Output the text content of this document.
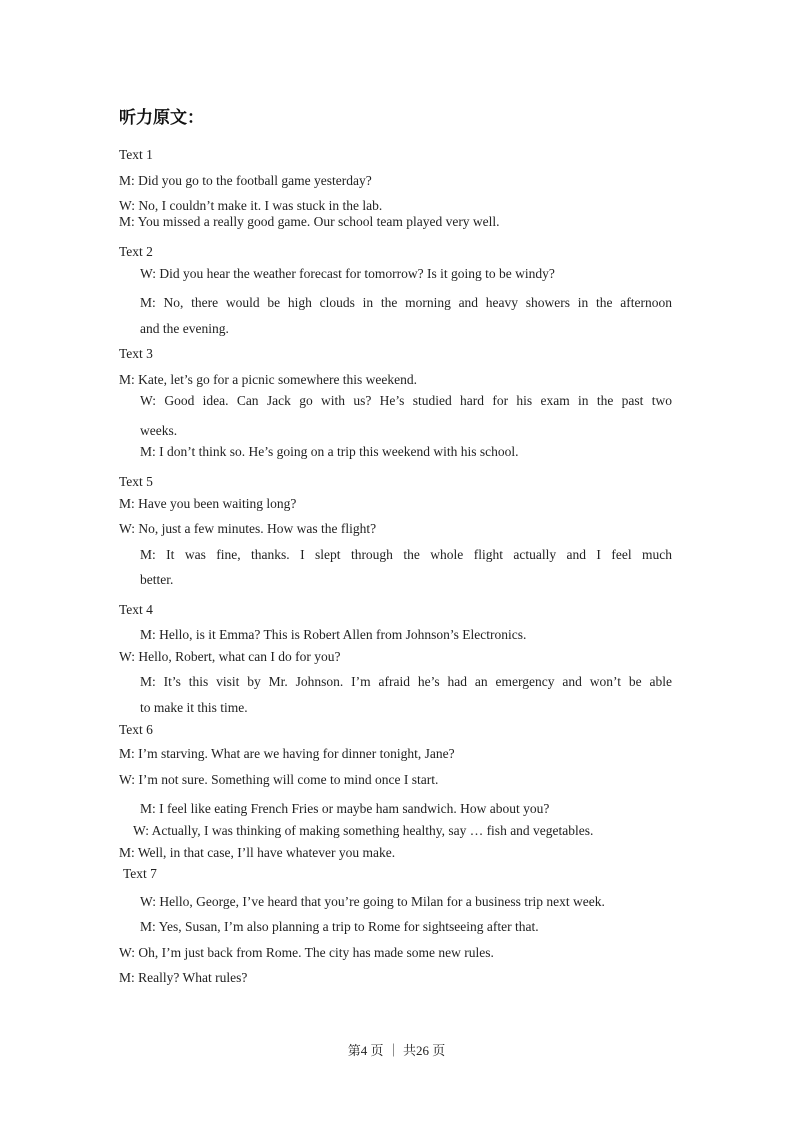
听力原文：
Text 1
M: Did you go to the football game yesterday?
W: No, I couldn’t make it. I was stuck in the lab.
M: You missed a really good game. Our school team played very well.
Text 2
W: Did you hear the weather forecast for tomorrow? Is it going to be windy?
M: No, there would be high clouds in the morning and heavy showers in the afternoon
and the evening.
Text 3
M: Kate, let’s go for a picnic somewhere this weekend.
W: Good idea. Can Jack go with us? He’s studied hard for his exam in the past two
weeks.
M: I don’t think so. He’s going on a trip this weekend with his school.
Text 5
M: Have you been waiting long?
W: No, just a few minutes. How was the flight?
M: It was fine, thanks. I slept through the whole flight actually and I feel much
better.
Text 4
M: Hello, is it Emma? This is Robert Allen from Johnson’s Electronics.
W: Hello, Robert, what can I do for you?
M: It’s this visit by Mr. Johnson. I’m afraid he’s had an emergency and won’t be able
to make it this time.
Text 6
M: I’m starving. What are we having for dinner tonight, Jane?
W: I’m not sure. Something will come to mind once I start.
M: I feel like eating French Fries or maybe ham sandwich. How about you?
W: Actually, I was thinking of making something healthy, say … fish and vegetables.
M: Well, in that case, I’ll have whatever you make.
Text 7
W: Hello, George, I’ve heard that you’re going to Milan for a business trip next week.
M: Yes, Susan, I’m also planning a trip to Rome for sightseeing after that.
W: Oh, I’m just back from Rome. The city has made some new rules.
M: Really? What rules?
第4 页 ｜ 共26 页
